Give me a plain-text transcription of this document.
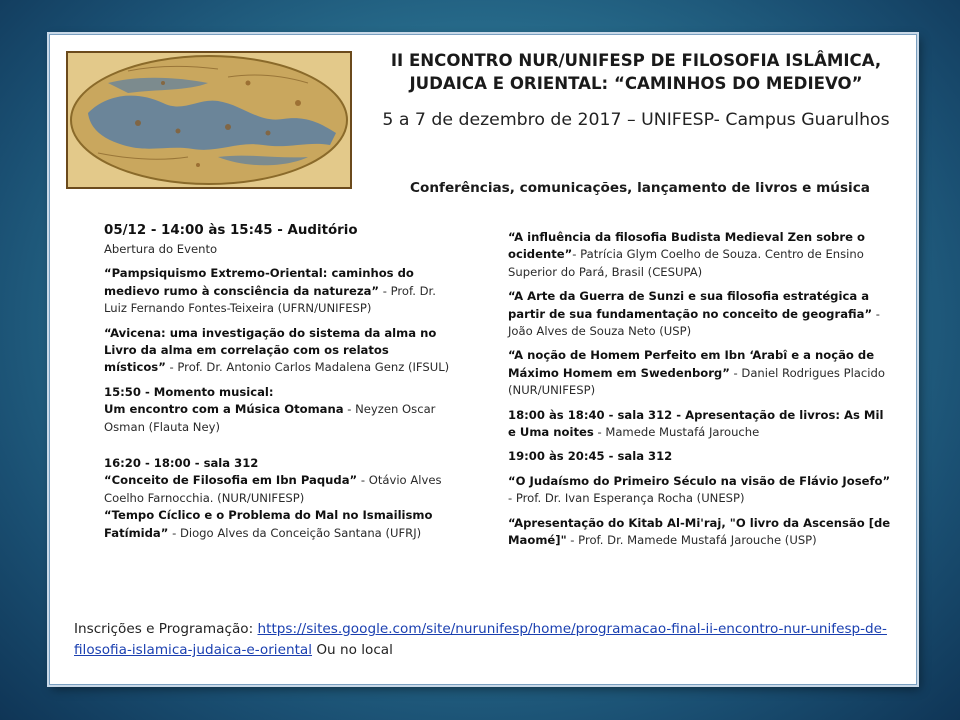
II ENCONTRO NUR/UNIFESP DE FILOSOFIA ISLÂMICA, JUDAICA E ORIENTAL: “CAMINHOS DO MEDIEVO”
5 a 7 de dezembro de 2017 – UNIFESP- Campus Guarulhos
Conferências, comunicações, lançamento de livros e música
05/12 - 14:00 às 15:45 - Auditório

Abertura do Evento

“Pampsiquismo Extremo-Oriental: caminhos do medievo rumo à consciência da natureza” - Prof. Dr. Luiz Fernando Fontes-Teixeira (UFRN/UNIFESP)

“Avicena: uma investigação do sistema da alma no Livro da alma em correlação com os relatos místicos” - Prof. Dr. Antonio Carlos Madalena Genz (IFSUL)

15:50 - Momento musical:
Um encontro com a Música Otomana - Neyzen Oscar Osman (Flauta Ney)

16:20 - 18:00 - sala 312
“Conceito de Filosofia em Ibn Paquda” - Otávio Alves Coelho Farnocchia. (NUR/UNIFESP)
“Tempo Cíclico e o Problema do Mal no Ismailismo Fatímida” - Diogo Alves da Conceição Santana (UFRJ)

“A influência da filosofia Budista Medieval Zen sobre o ocidente”- Patrícia Glym Coelho de Souza. Centro de Ensino Superior do Pará, Brasil (CESUPA)

“A Arte da Guerra de Sunzi e sua filosofia estratégica a partir de sua fundamentação no conceito de geografia” - João Alves de Souza Neto (USP)

“A noção de Homem Perfeito em Ibn ‘Arabî e a noção de Máximo Homem em Swedenborg” - Daniel Rodrigues Placido (NUR/UNIFESP)

18:00 às 18:40 - sala 312 - Apresentação de livros: As Mil e Uma noites - Mamede Mustafá Jarouche

19:00 às 20:45 - sala 312

“O Judaísmo do Primeiro Século na visão de Flávio Josefo” - Prof. Dr. Ivan Esperança Rocha (UNESP)

“Apresentação do Kitab Al-Mi'raj, "O livro da Ascensão [de Maomé]" - Prof. Dr. Mamede Mustafá Jarouche (USP)

Inscrições e Programação: https://sites.google.com/site/nurunifesp/home/programacao-final-ii-encontro-nur-unifesp-de-filosofia-islamica-judaica-e-oriental Ou no local
